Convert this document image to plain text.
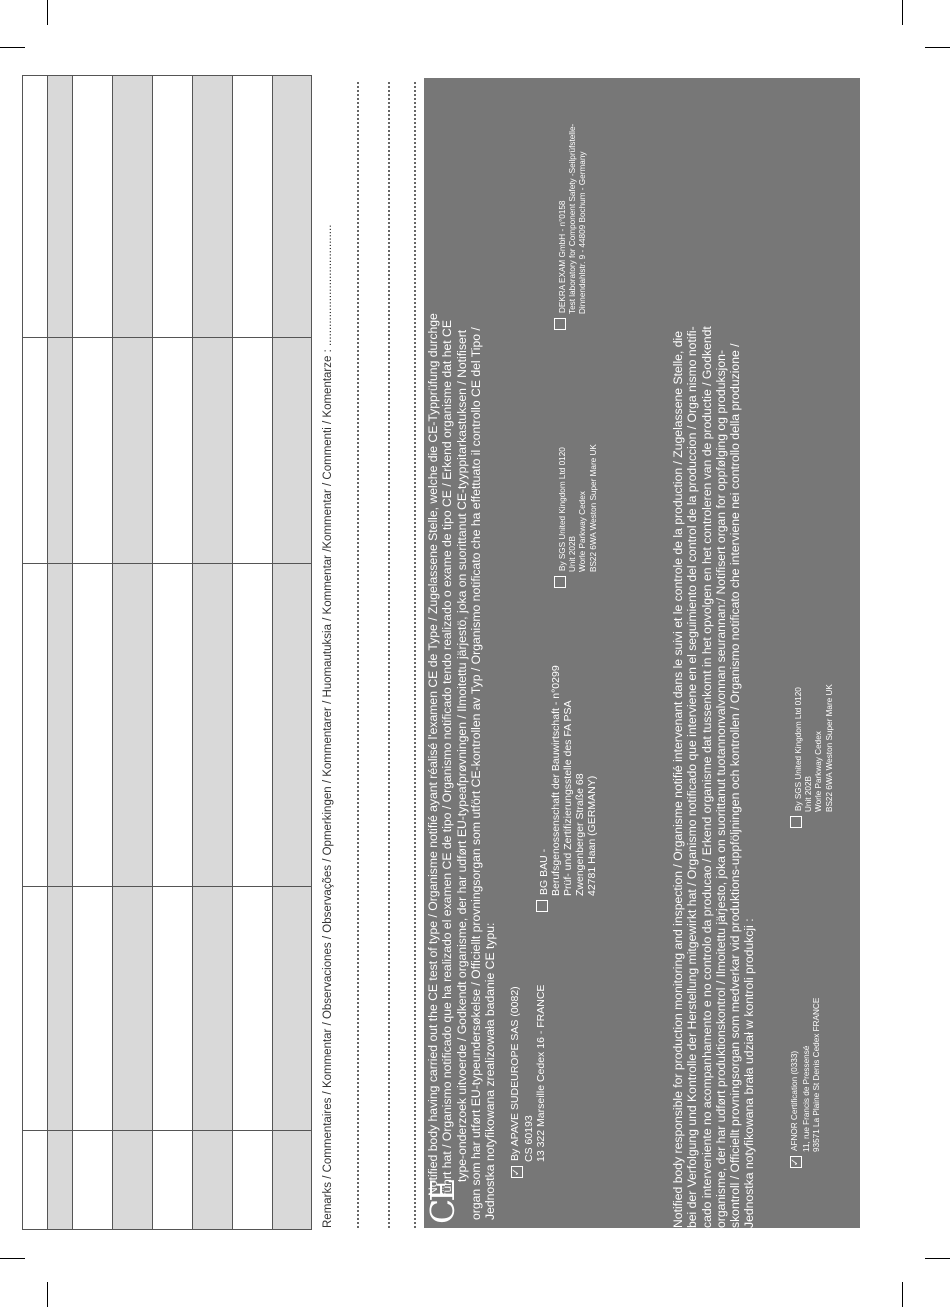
Remarks / Commentaires / Kommentar / Observaciones / Observações / Opmerkingen / Kommentarer / Huomautuksia / Kommentar /Kommentar / Commenti / Komentarze : ......................................	CE
Notified body having carried out the CE test of type / Organisme notifié ayant réalisé l'examen CE de Type / Zugelassene Stelle, welche die CE-Typprüfung durchge führt hat / Organismo notificado que ha realizado el examen CE de tipo / Organismo notificado tendo realizado o exame de tipo CE / Erkend organisme dat het CE type-onderzoek uitvoerde / Godkendt organisme, der har udført EU-typeafprøvningen / Ilmoitettu järjestö, joka on suorittanut CE-tyyppitarkastuksen / Notifisert organ som har utført EU-typeundersøkelse / Officiellt provningsorgan som utfört CE-kontrollen av Typ / Organismo notificato che ha effettuato il controllo CE del Tipo / Jednostka notyfikowana zrealizowała badanie CE typu: ✓By APAVE SUDEUROPE SAS (0082) CS 60193 13 322 Marseille Cedex 16 - FRANCE
BG BAU - Berufsgenossenschaft der Bauwirtschaft - n°0299 Prüf- und Zertifizierungsstelle des FA PSA Zwengenberger Straße 68 42781 Haan (GERMANY)
By SGS United Kingdom Ltd 0120 Unit 202B Worle Parkway Cedex BS22 6WA Weston Super Mare UK
DEKRA EXAM GmbH - n°0158 Test laboratory for Component Safety -Seilprüfstelle- Dinnendahlstr. 9 - 44809 Bochum - Germany
Notified body responsible for production monitoring and inspection / Organisme notifié intervenant dans le suivi et le controle de la production / Zugelassene Stelle, die bei der Verfolgung und Kontrolle der Herstellung mitgewirkt hat / Organismo notificado que interviene en el seguimiento del control de la produccion / Orga nismo notifi- cado interveniente no acompanhamento e no controlo da producao / Erkend organisme dat tussenkomt in het opvolgen en het controleren van de productie / Godkendt organisme, der har udført produktionskontrol / Ilmoitettu järjesto, joka on suorittanut tuotannonvalvonnan seurannan:/ Notifisert organ for oppfølging og produksjon- skontroll / Officiellt provningsorgan som medverkar vid produktions-uppföljningen och kontrollen / Organismo notificato che interviene nei controllo della produzione / Jednostka notyfikowana brała udział w kontroli produkcji :	✓AFNOR Certification (0333) 11, rue Francis de Pressensé 93571 La Plaine St Denis Cedex FRANCE
By SGS United Kingdom Ltd 0120 Unit 202B Worle Parkway Cedex BS22 6WA Weston Super Mare UK
